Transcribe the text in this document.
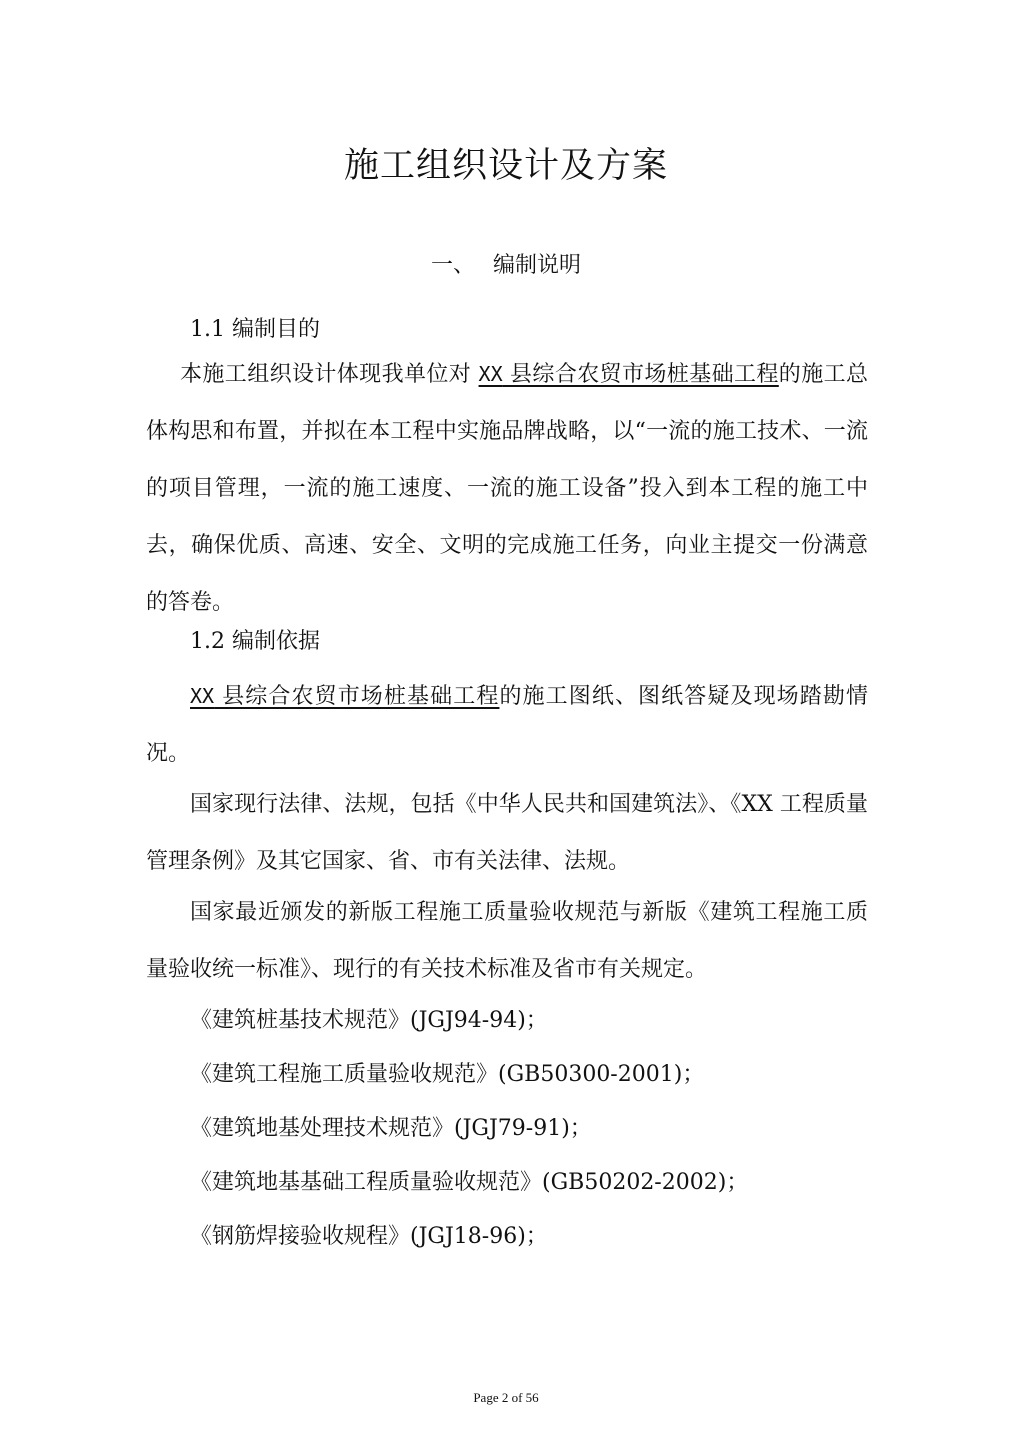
施工组织设计及方案
一、 编制说明

1.1 编制目的

本施工组织设计体现我单位对 XX 县综合农贸市场桩基础工程的施工总体构思和布置，并拟在本工程中实施品牌战略，以“一流的施工技术、一流的项目管理，一流的施工速度、一流的施工设备”投入到本工程的施工中去，确保优质、高速、安全、文明的完成施工任务，向业主提交一份满意的答卷。

1.2 编制依据

XX 县综合农贸市场桩基础工程的施工图纸、图纸答疑及现场踏勘情况。

国家现行法律、法规，包括《中华人民共和国建筑法》、《XX 工程质量管理条例》及其它国家、省、市有关法律、法规。

国家最近颁发的新版工程施工质量验收规范与新版《建筑工程施工质量验收统一标准》、现行的有关技术标准及省市有关规定。

《建筑桩基技术规范》(JGJ94-94)；

《建筑工程施工质量验收规范》(GB50300-2001)；

《建筑地基处理技术规范》(JGJ79-91)；

《建筑地基基础工程质量验收规范》(GB50202-2002)；

《钢筋焊接验收规程》(JGJ18-96)；

Page 2 of 56
